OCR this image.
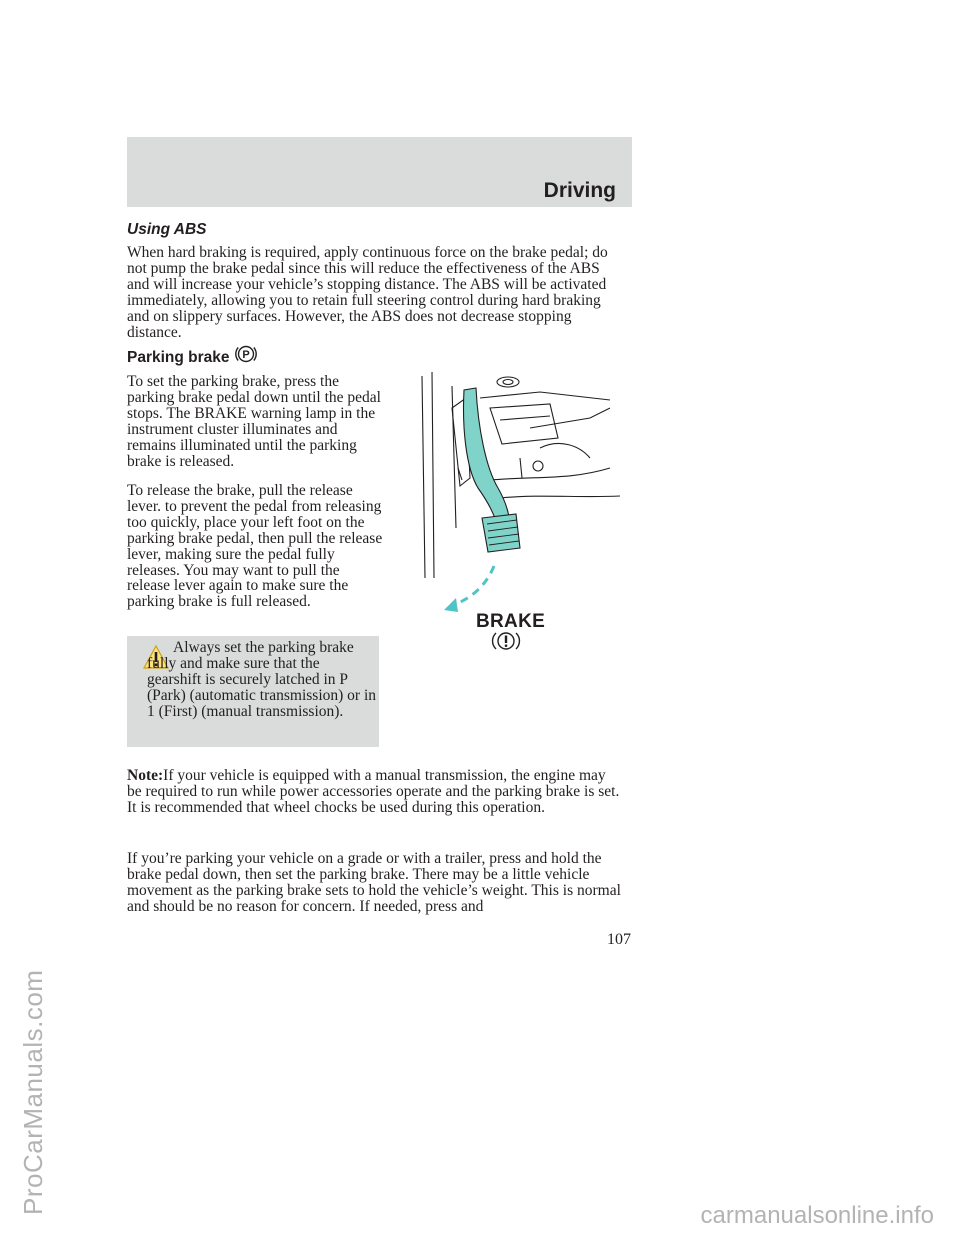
Driving
Using ABS

When hard braking is required, apply continuous force on the brake pedal; do not pump the brake pedal since this will reduce the effectiveness of the ABS and will increase your vehicle’s stopping distance. The ABS will be activated immediately, allowing you to retain full steering control during hard braking and on slippery surfaces. However, the ABS does not decrease stopping distance.

Parking brake P

To set the parking brake, press the parking brake pedal down until the pedal stops. The BRAKE warning lamp in the instrument cluster illuminates and remains illuminated until the parking brake is released.

To release the brake, pull the release lever. to prevent the pedal from releasing too quickly, place your left foot on the parking brake pedal, then pull the release lever, making sure the pedal fully releases. You may want to pull the release lever again to make sure the parking brake is full released.

Always set the parking brake fully and make sure that the gearshift is securely latched in P (Park) (automatic transmission) or in 1 (First) (manual transmission).

BRAKE

Note:If your vehicle is equipped with a manual transmission, the engine may be required to run while power accessories operate and the parking brake is set. It is recommended that wheel chocks be used during this operation.

If you’re parking your vehicle on a grade or with a trailer, press and hold the brake pedal down, then set the parking brake. There may be a little vehicle movement as the parking brake sets to hold the vehicle’s weight. This is normal and should be no reason for concern. If needed, press and

107

ProCarManuals.com
carmanualsonline.info
